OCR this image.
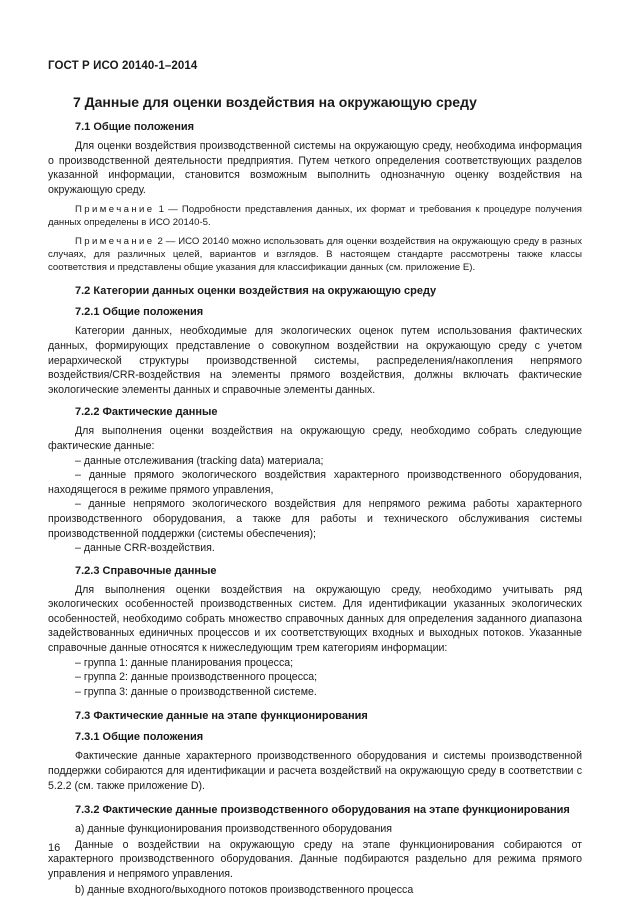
ГОСТ Р ИСО 20140-1–2014
7 Данные для оценки воздействия на окружающую среду
7.1 Общие положения
Для оценки воздействия производственной системы на окружающую среду, необходима информация о производственной деятельности предприятия. Путем четкого определения соответствующих разделов указанной информации, становится возможным выполнить однозначную оценку воздействия на окружающую среду.
Примечание 1 — Подробности представления данных, их формат и требования к процедуре получения данных определены в ИСО 20140-5.
Примечание 2 — ИСО 20140 можно использовать для оценки воздействия на окружающую среду в разных случаях, для различных целей, вариантов и взглядов. В настоящем стандарте рассмотрены также классы соответствия и представлены общие указания для классификации данных (см. приложение Е).
7.2 Категории данных оценки воздействия на окружающую среду
7.2.1 Общие положения
Категории данных, необходимые для экологических оценок путем использования фактических данных, формирующих представление о совокупном воздействии на окружающую среду с учетом иерархической структуры производственной системы, распределения/накопления непрямого воздействия/CRR-воздействия на элементы прямого воздействия, должны включать фактические экологические элементы данных и справочные элементы данных.
7.2.2 Фактические данные
Для выполнения оценки воздействия на окружающую среду, необходимо собрать следующие фактические данные:
– данные отслеживания (tracking data) материала;
– данные прямого экологического воздействия характерного производственного оборудования, находящегося в режиме прямого управления,
– данные непрямого экологического воздействия для непрямого режима работы характерного производственного оборудования, а также для работы и технического обслуживания системы производственной поддержки (системы обеспечения);
– данные CRR-воздействия.
7.2.3 Справочные данные
Для выполнения оценки воздействия на окружающую среду, необходимо учитывать ряд экологических особенностей производственных систем. Для идентификации указанных экологических особенностей, необходимо собрать множество справочных данных для определения заданного диапазона задействованных единичных процессов и их соответствующих входных и выходных потоков. Указанные справочные данные относятся к нижеследующим трем категориям информации:
– группа 1: данные планирования процесса;
– группа 2: данные производственного процесса;
– группа 3: данные о производственной системе.
7.3 Фактические данные на этапе функционирования
7.3.1 Общие положения
Фактические данные характерного производственного оборудования и системы производственной поддержки собираются для идентификации и расчета воздействий на окружающую среду в соответствии с 5.2.2 (см. также приложение D).
7.3.2 Фактические данные производственного оборудования на этапе функционирования
a) данные функционирования производственного оборудования
Данные о воздействии на окружающую среду на этапе функционирования собираются от характерного производственного оборудования. Данные подбираются раздельно для режима прямого управления и непрямого управления.
b) данные входного/выходного потоков производственного процесса
16
